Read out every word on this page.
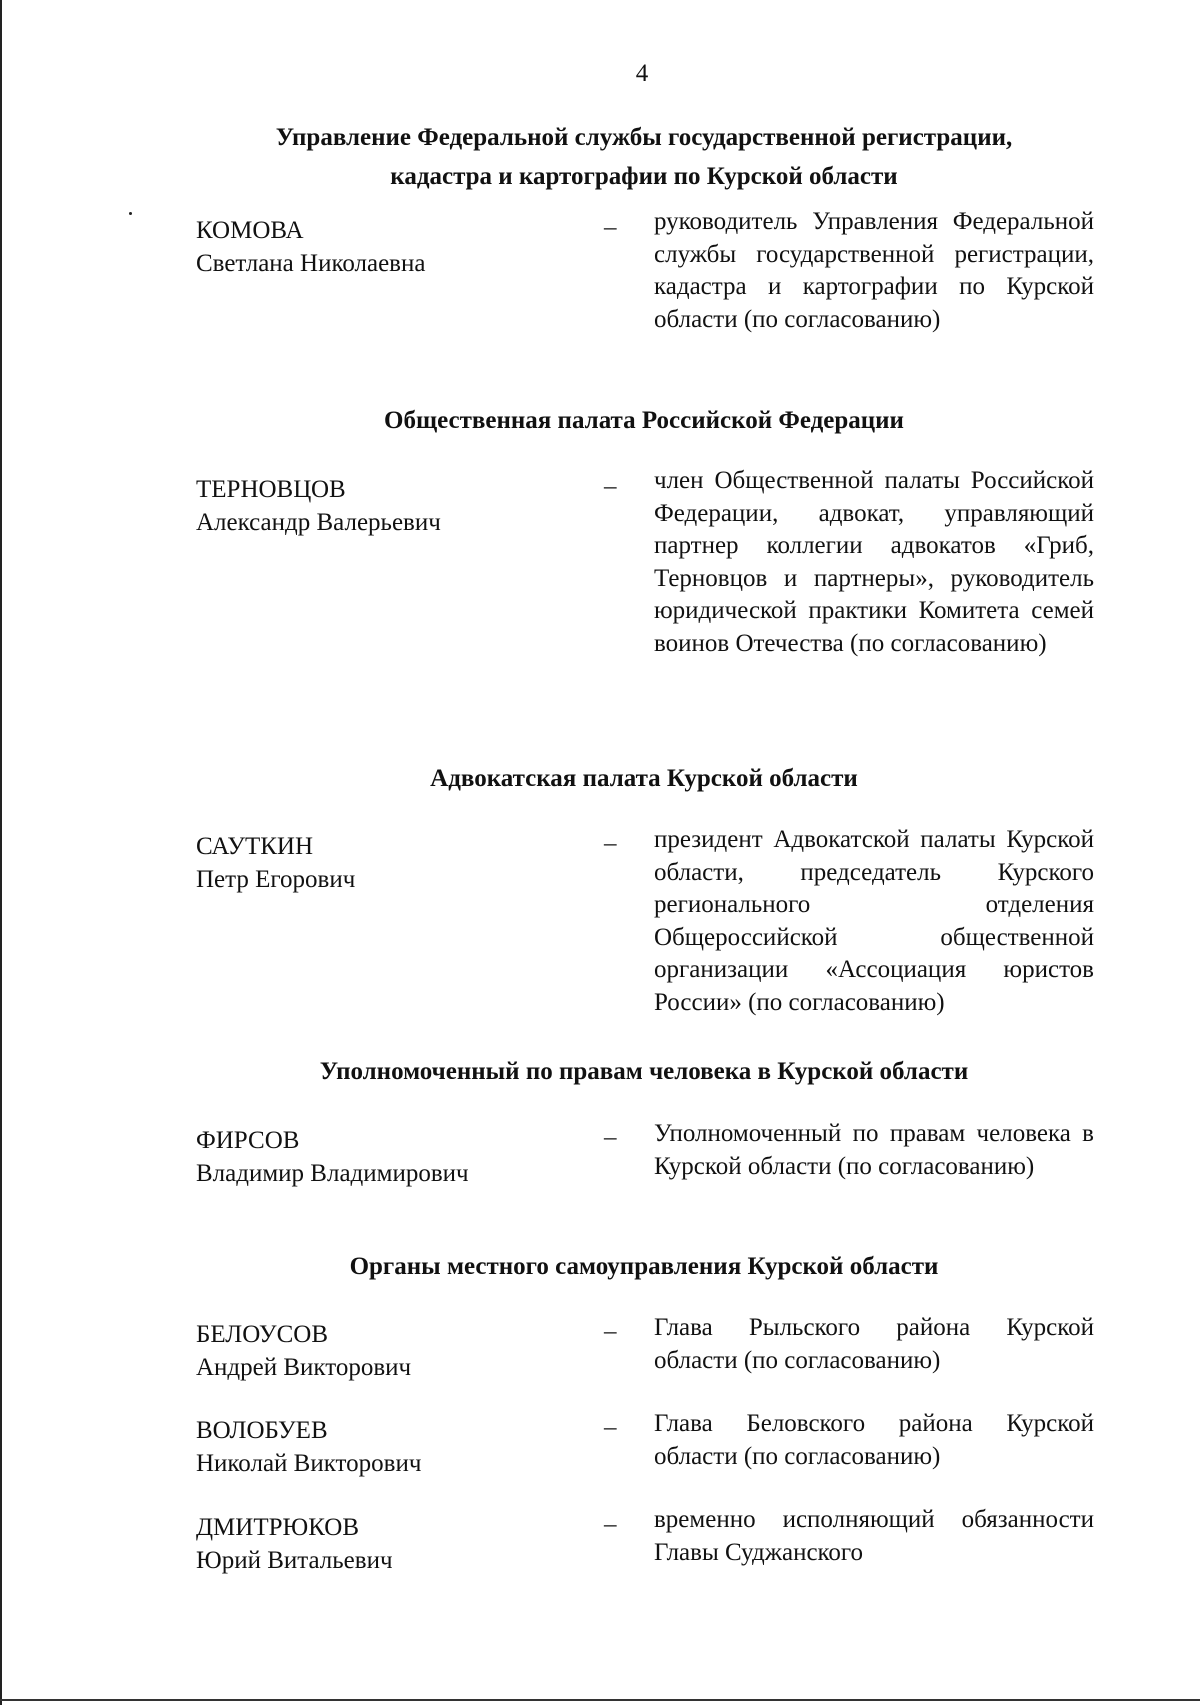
4
Управление Федеральной службы государственной регистрации,
кадастра и картографии по Курской области
КОМОВА
Светлана Николаевна
– руководитель Управления Федеральной службы государственной регистрации, кадастра и картографии по Курской области (по согласованию)
Общественная палата Российской Федерации
ТЕРНОВЦОВ
Александр Валерьевич
– член Общественной палаты Российской Федерации, адвокат, управляющий партнер коллегии адвокатов «Гриб, Терновцов и партнеры», руководитель юридической практики Комитета семей воинов Отечества (по согласованию)
Адвокатская палата Курской области
САУТКИН
Петр Егорович
– президент Адвокатской палаты Курской области, председатель Курского регионального отделения Общероссийской общественной организации «Ассоциация юристов России» (по согласованию)
Уполномоченный по правам человека в Курской области
ФИРСОВ
Владимир Владимирович
– Уполномоченный по правам человека в Курской области (по согласованию)
Органы местного самоуправления Курской области
БЕЛОУСОВ
Андрей Викторович
– Глава Рыльского района Курской области (по согласованию)
ВОЛОБУЕВ
Николай Викторович
– Глава Беловского района Курской области (по согласованию)
ДМИТРЮКОВ
Юрий Витальевич
– временно исполняющий обязанности Главы Суджанского
